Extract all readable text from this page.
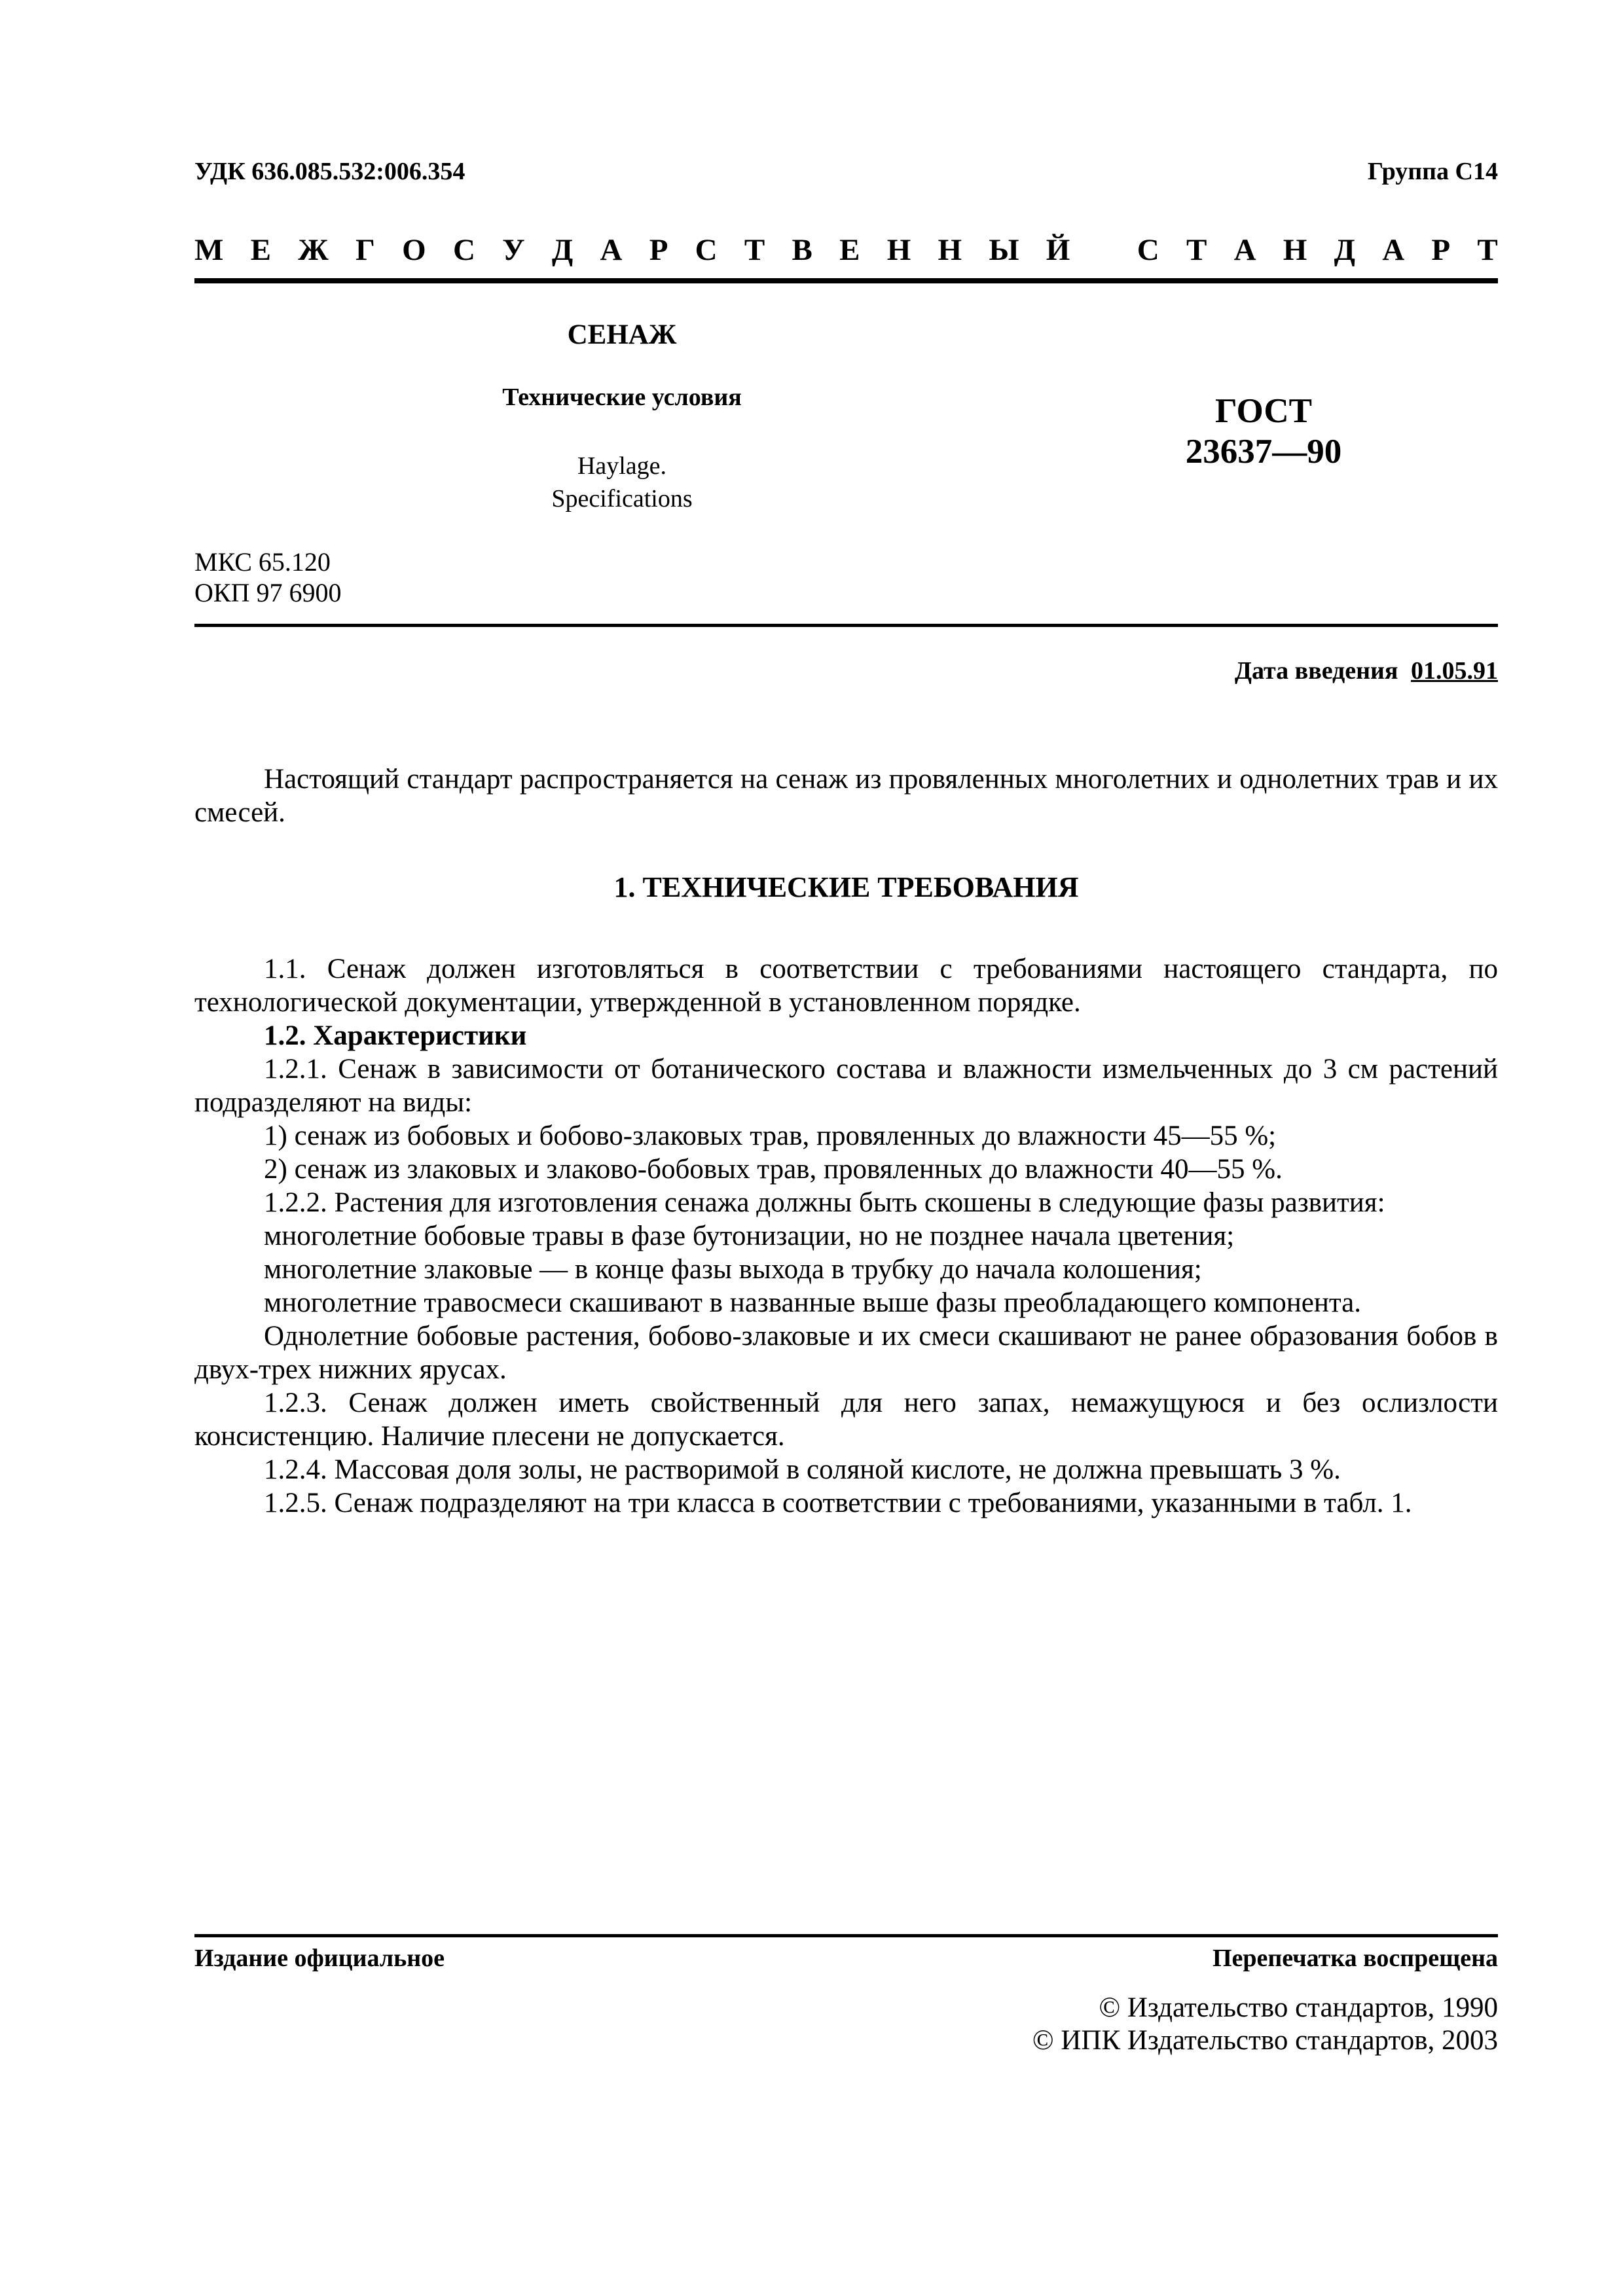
УДК 636.085.532:006.354	Группа С14
М Е Ж Г О С У Д А Р С Т В Е Н Н Ы Й С Т А Н Д А Р Т
СЕНАЖ
Технические условия
Haylage.
Specifications
ГОСТ
23637—90
МКС 65.120
ОКП 97 6900
Дата введения 01.05.91

Настоящий стандарт распространяется на сенаж из провяленных многолетних и однолетних трав и их смесей.

1. ТЕХНИЧЕСКИЕ ТРЕБОВАНИЯ

1.1. Сенаж должен изготовляться в соответствии с требованиями настоящего стандарта, по технологической документации, утвержденной в установленном порядке.

1.2. Характеристики

1.2.1. Сенаж в зависимости от ботанического состава и влажности измельченных до 3 см растений подразделяют на виды:

1) сенаж из бобовых и бобово-злаковых трав, провяленных до влажности 45—55 %;

2) сенаж из злаковых и злаково-бобовых трав, провяленных до влажности 40—55 %.

1.2.2. Растения для изготовления сенажа должны быть скошены в следующие фазы развития:

многолетние бобовые травы в фазе бутонизации, но не позднее начала цветения;

многолетние злаковые — в конце фазы выхода в трубку до начала колошения;

многолетние травосмеси скашивают в названные выше фазы преобладающего компонента.

Однолетние бобовые растения, бобово-злаковые и их смеси скашивают не ранее образования бобов в двух-трех нижних ярусах.

1.2.3. Сенаж должен иметь свойственный для него запах, немажущуюся и без ослизлости консистенцию. Наличие плесени не допускается.

1.2.4. Массовая доля золы, не растворимой в соляной кислоте, не должна превышать 3 %.

1.2.5. Сенаж подразделяют на три класса в соответствии с требованиями, указанными в табл. 1.

Издание официальное	Перепечатка воспрещена
© Издательство стандартов, 1990
© ИПК Издательство стандартов, 2003
